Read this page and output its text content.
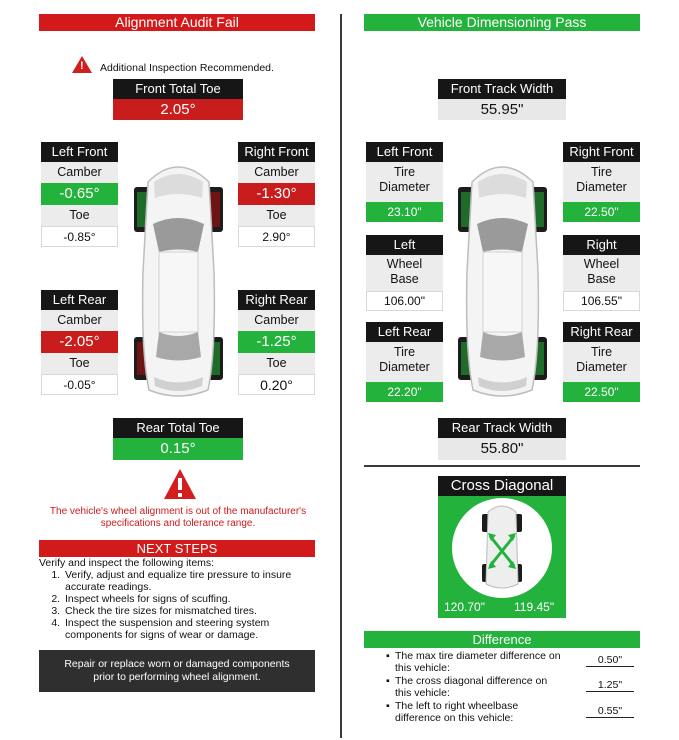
Alignment Audit Fail
! Additional Inspection Recommended.
Front Total Toe
2.05°
Left Front
Camber
-0.65°
Toe
-0.85°
Right Front
Camber
-1.30°
Toe
2.90°
Left Rear
Camber
-2.05°
Toe
-0.05°
Right Rear
Camber
-1.25°
Toe
0.20°
Rear Total Toe
0.15°
The vehicle's wheel alignment is out of the manufacturer's
specifications and tolerance range.
NEXT STEPS
Verify and inspect the following items:
1. Verify, adjust and equalize tire pressure to insure accurate readings.
2. Inspect wheels for signs of scuffing.
3. Check the tire sizes for mismatched tires.
4. Inspect the suspension and steering system components for signs of wear or damage.
Repair or replace worn or damaged components
prior to performing wheel alignment.
Vehicle Dimensioning Pass
Front Track Width
55.95"
Left Front
Tire
Diameter
23.10"
Right Front
Tire
Diameter
22.50"
Left
Wheel
Base
106.00"
Right
Wheel
Base
106.55"
Left Rear
Tire
Diameter
22.20"
Right Rear
Tire
Diameter
22.50"
Rear Track Width
55.80"
Cross Diagonal
120.70" 119.45"
Difference
▪ The max tire diameter difference on
this vehicle:
0.50"
▪ The cross diagonal difference on
this vehicle:
1.25"
▪ The left to right wheelbase
difference on this vehicle:
0.55"
